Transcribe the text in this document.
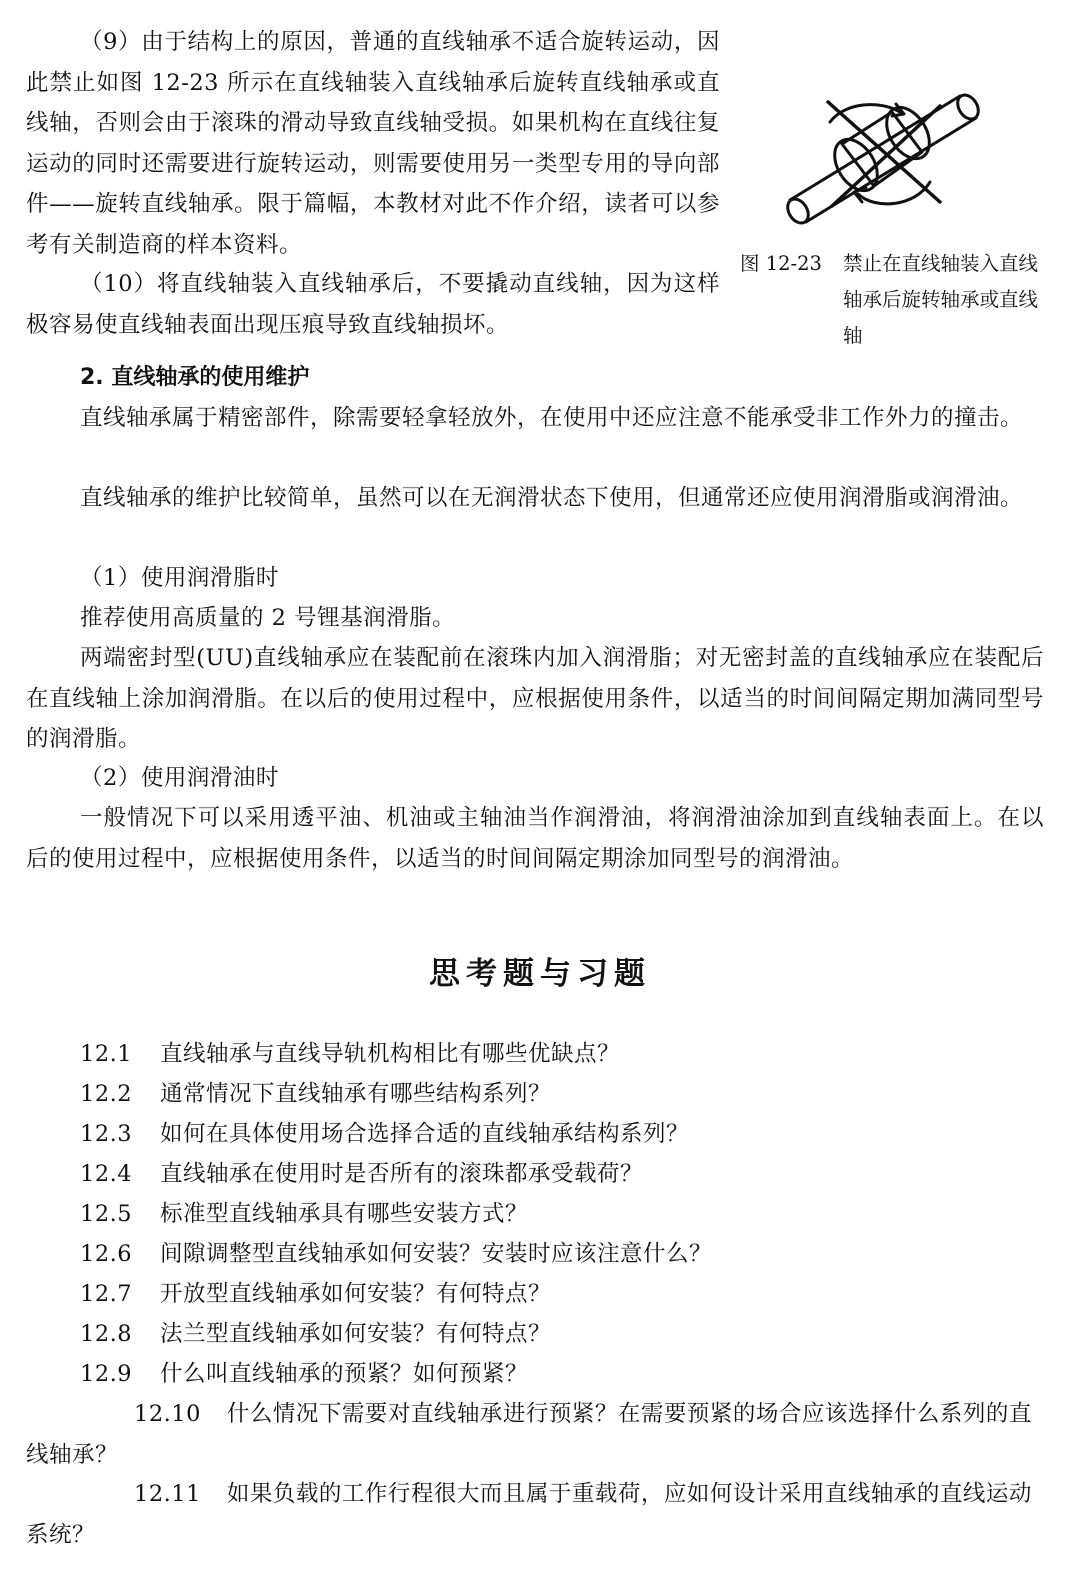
（9）由于结构上的原因，普通的直线轴承不适合旋转运动，因此禁止如图 12-23 所示在直线轴装入直线轴承后旋转直线轴承或直线轴，否则会由于滚珠的滑动导致直线轴受损。如果机构在直线往复运动的同时还需要进行旋转运动，则需要使用另一类型专用的导向部件——旋转直线轴承。限于篇幅，本教材对此不作介绍，读者可以参考有关制造商的样本资料。

图 12-23 禁止在直线轴装入直线轴承后旋转轴承或直线轴

（10）将直线轴装入直线轴承后，不要撬动直线轴，因为这样极容易使直线轴表面出现压痕导致直线轴损坏。

2. 直线轴承的使用维护

直线轴承属于精密部件，除需要轻拿轻放外，在使用中还应注意不能承受非工作外力的撞击。

直线轴承的维护比较简单，虽然可以在无润滑状态下使用，但通常还应使用润滑脂或润滑油。

（1）使用润滑脂时

推荐使用高质量的 2 号锂基润滑脂。

两端密封型(UU)直线轴承应在装配前在滚珠内加入润滑脂；对无密封盖的直线轴承应在装配后在直线轴上涂加润滑脂。在以后的使用过程中，应根据使用条件，以适当的时间间隔定期加满同型号的润滑脂。

（2）使用润滑油时

一般情况下可以采用透平油、机油或主轴油当作润滑油，将润滑油涂加到直线轴表面上。在以后的使用过程中，应根据使用条件，以适当的时间间隔定期涂加同型号的润滑油。

思考题与习题
12.1 直线轴承与直线导轨机构相比有哪些优缺点？
12.2 通常情况下直线轴承有哪些结构系列？
12.3 如何在具体使用场合选择合适的直线轴承结构系列？
12.4 直线轴承在使用时是否所有的滚珠都承受载荷？
12.5 标准型直线轴承具有哪些安装方式？
12.6 间隙调整型直线轴承如何安装？安装时应该注意什么？
12.7 开放型直线轴承如何安装？有何特点？
12.8 法兰型直线轴承如何安装？有何特点？
12.9 什么叫直线轴承的预紧？如何预紧？
12.10 什么情况下需要对直线轴承进行预紧？在需要预紧的场合应该选择什么系列的直线轴承？
12.11 如果负载的工作行程很大而且属于重载荷，应如何设计采用直线轴承的直线运动系统？
